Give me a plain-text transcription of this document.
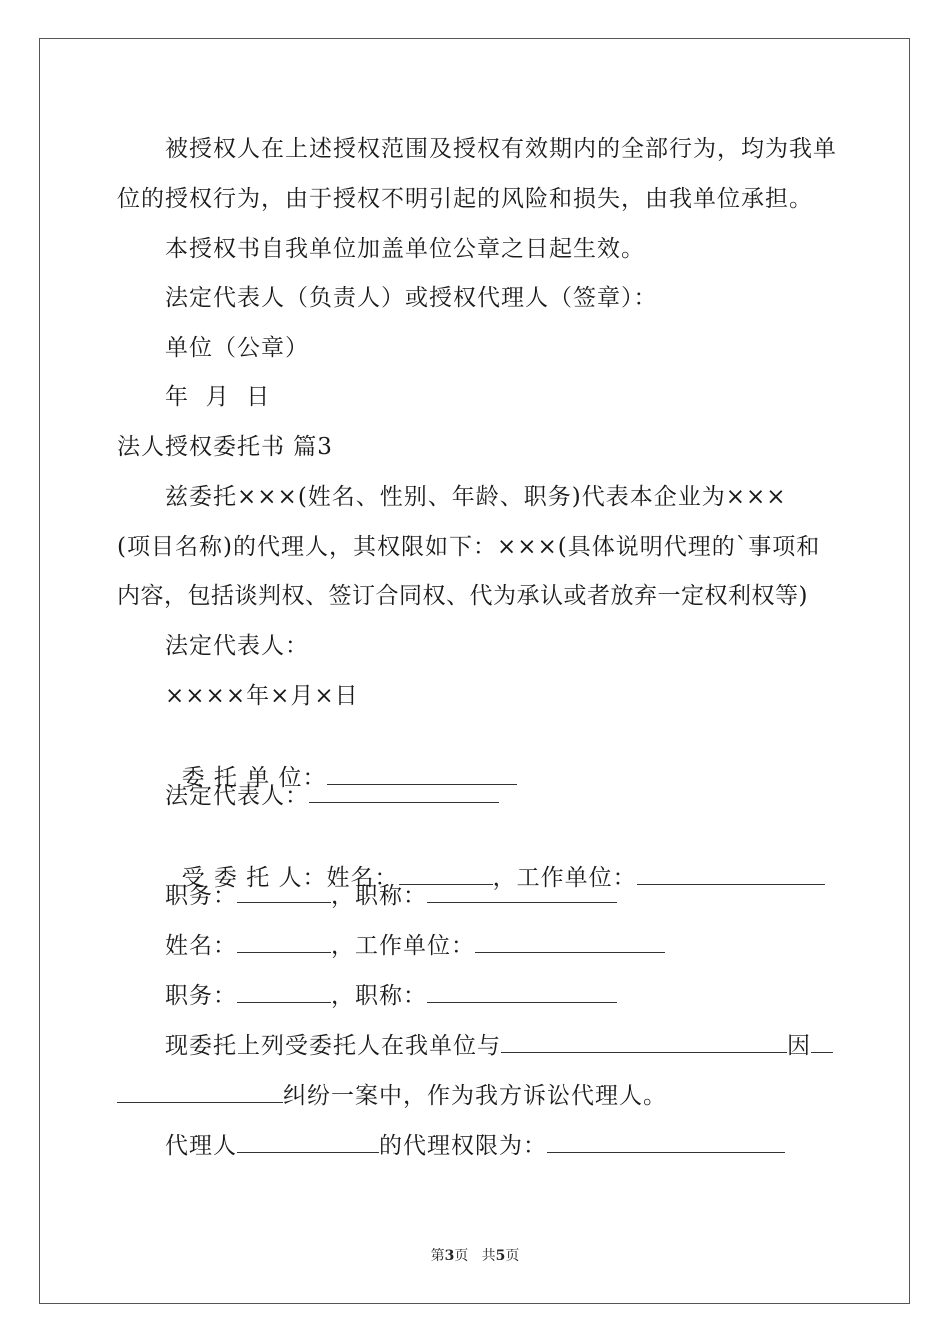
被授权人在上述授权范围及授权有效期内的全部行为，均为我单
位的授权行为，由于授权不明引起的风险和损失，由我单位承担。
本授权书自我单位加盖单位公章之日起生效。
法定代表人（负责人）或授权代理人（签章）：
单位（公章）
年  月  日
法人授权委托书 篇3
兹委托×××(姓名、性别、年龄、职务)代表本企业为×××
(项目名称)的代理人，其权限如下：×××(具体说明代理的`事项和
内容，包括谈判权、签订合同权、代为承认或者放弃一定权利权等)
法定代表人：
××××年×月×日

委 托 单 位：

法定代表人：

受 委 托 人：姓名：	，工作单位：

职务：	，职称：
姓名：	，工作单位：
职务：	，职称：
现委托上列受委托人在我单位与	因
纠纷一案中，作为我方诉讼代理人。
代理人	的代理权限为：
第3页 共5页
